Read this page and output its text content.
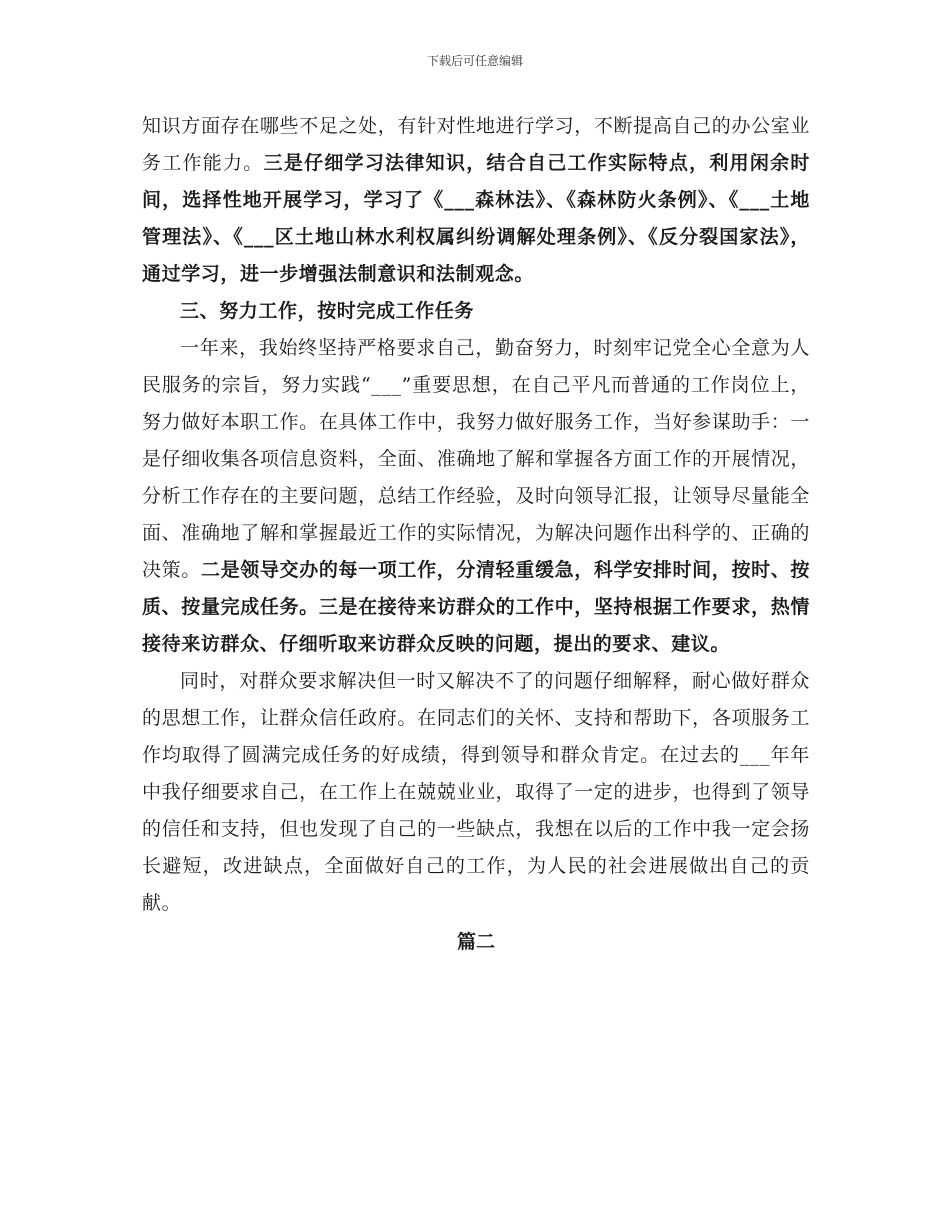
下载后可任意编辑

知识方面存在哪些不足之处，有针对性地进行学习，不断提高自己的办公室业务工作能力。三是仔细学习法律知识，结合自己工作实际特点，利用闲余时间，选择性地开展学习，学习了《___森林法》、《森林防火条例》、《___土地管理法》、《___区土地山林水利权属纠纷调解处理条例》、《反分裂国家法》，通过学习，进一步增强法制意识和法制观念。

三、努力工作，按时完成工作任务

一年来，我始终坚持严格要求自己，勤奋努力，时刻牢记党全心全意为人民服务的宗旨，努力实践“___”重要思想，在自己平凡而普通的工作岗位上，努力做好本职工作。在具体工作中，我努力做好服务工作，当好参谋助手：一是仔细收集各项信息资料，全面、准确地了解和掌握各方面工作的开展情况，分析工作存在的主要问题，总结工作经验，及时向领导汇报，让领导尽量能全面、准确地了解和掌握最近工作的实际情况，为解决问题作出科学的、正确的决策。二是领导交办的每一项工作，分清轻重缓急，科学安排时间，按时、按质、按量完成任务。三是在接待来访群众的工作中，坚持根据工作要求，热情接待来访群众、仔细听取来访群众反映的问题，提出的要求、建议。

同时，对群众要求解决但一时又解决不了的问题仔细解释，耐心做好群众的思想工作，让群众信任政府。在同志们的关怀、支持和帮助下，各项服务工作均取得了圆满完成任务的好成绩，得到领导和群众肯定。在过去的___年年中我仔细要求自己，在工作上在兢兢业业，取得了一定的进步，也得到了领导的信任和支持，但也发现了自己的一些缺点，我想在以后的工作中我一定会扬长避短，改进缺点，全面做好自己的工作，为人民的社会进展做出自己的贡献。

篇二
